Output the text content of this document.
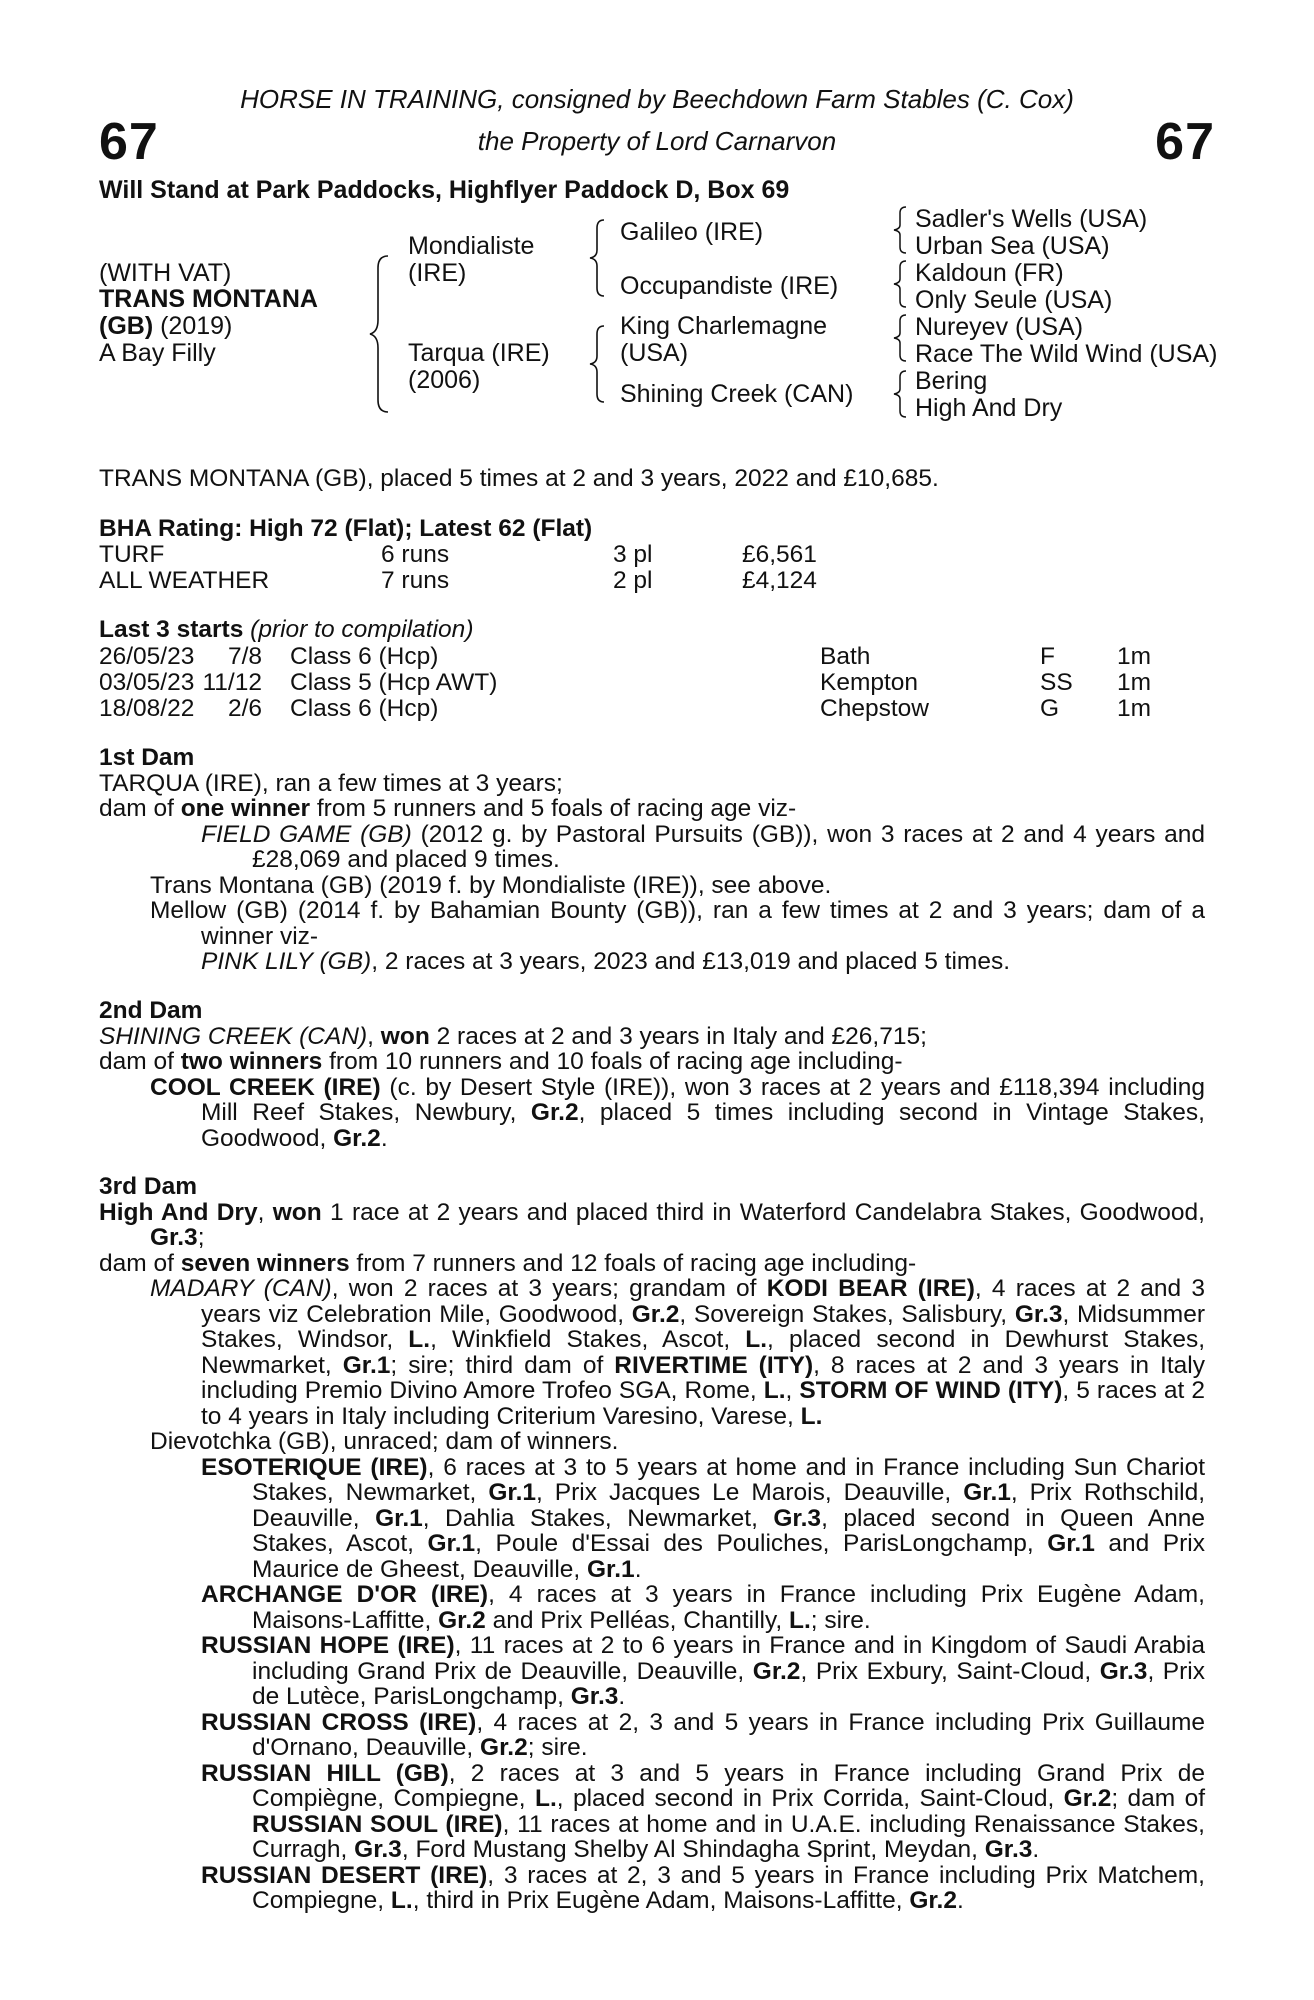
67	67
HORSE IN TRAINING, consigned by Beechdown Farm Stables (C. Cox)
the Property of Lord Carnarvon
Will Stand at Park Paddocks, Highflyer Paddock D, Box 69
(WITH VAT)
TRANS MONTANA
(GB) (2019)
A Bay Filly
Mondialiste
(IRE)
Tarqua (IRE)
(2006)
Galileo (IRE)
Occupandiste (IRE)
King Charlemagne
(USA)
Shining Creek (CAN)
Sadler's Wells (USA)
Urban Sea (USA)
Kaldoun (FR)
Only Seule (USA)
Nureyev (USA)
Race The Wild Wind (USA)
Bering
High And Dry
TRANS MONTANA (GB), placed 5 times at 2 and 3 years, 2022 and £10,685.
BHA Rating: High 72 (Flat); Latest 62 (Flat)
TURF	6 runs	3 pl	£6,561
ALL WEATHER	7 runs	2 pl	£4,124
Last 3 starts (prior to compilation)
26/05/23	7/8 Class 6 (Hcp)	Bath	F	1m
03/05/23 11/12 Class 5 (Hcp AWT)	Kempton	SS 1m
18/08/22	2/6 Class 6 (Hcp)	Chepstow	G 1m
1st Dam
TARQUA (IRE), ran a few times at 3 years;
dam of one winner from 5 runners and 5 foals of racing age viz-
FIELD GAME (GB) (2012 g. by Pastoral Pursuits (GB)), won 3 races at 2 and 4 years and £28,069 and placed 9 times.
Trans Montana (GB) (2019 f. by Mondialiste (IRE)), see above.
Mellow (GB) (2014 f. by Bahamian Bounty (GB)), ran a few times at 2 and 3 years; dam of a winner viz-
PINK LILY (GB), 2 races at 3 years, 2023 and £13,019 and placed 5 times.
2nd Dam
SHINING CREEK (CAN), won 2 races at 2 and 3 years in Italy and £26,715;
dam of two winners from 10 runners and 10 foals of racing age including-
COOL CREEK (IRE) (c. by Desert Style (IRE)), won 3 races at 2 years and £118,394 including Mill Reef Stakes, Newbury, Gr.2, placed 5 times including second in Vintage Stakes, Goodwood, Gr.2.
3rd Dam
High And Dry, won 1 race at 2 years and placed third in Waterford Candelabra Stakes, Goodwood, Gr.3;
dam of seven winners from 7 runners and 12 foals of racing age including-
MADARY (CAN), won 2 races at 3 years; grandam of KODI BEAR (IRE), 4 races at 2 and 3 years viz Celebration Mile, Goodwood, Gr.2, Sovereign Stakes, Salisbury, Gr.3, Midsummer Stakes, Windsor, L., Winkfield Stakes, Ascot, L., placed second in Dewhurst Stakes, Newmarket, Gr.1; sire; third dam of RIVERTIME (ITY), 8 races at 2 and 3 years in Italy including Premio Divino Amore Trofeo SGA, Rome, L., STORM OF WIND (ITY), 5 races at 2 to 4 years in Italy including Criterium Varesino, Varese, L.
Dievotchka (GB), unraced; dam of winners.
ESOTERIQUE (IRE), 6 races at 3 to 5 years at home and in France including Sun Chariot Stakes, Newmarket, Gr.1, Prix Jacques Le Marois, Deauville, Gr.1, Prix Rothschild, Deauville, Gr.1, Dahlia Stakes, Newmarket, Gr.3, placed second in Queen Anne Stakes, Ascot, Gr.1, Poule d'Essai des Pouliches, ParisLongchamp, Gr.1 and Prix Maurice de Gheest, Deauville, Gr.1.
ARCHANGE D'OR (IRE), 4 races at 3 years in France including Prix Eugène Adam, Maisons-Laffitte, Gr.2 and Prix Pelléas, Chantilly, L.; sire.
RUSSIAN HOPE (IRE), 11 races at 2 to 6 years in France and in Kingdom of Saudi Arabia including Grand Prix de Deauville, Deauville, Gr.2, Prix Exbury, Saint-Cloud, Gr.3, Prix de Lutèce, ParisLongchamp, Gr.3.
RUSSIAN CROSS (IRE), 4 races at 2, 3 and 5 years in France including Prix Guillaume d'Ornano, Deauville, Gr.2; sire.
RUSSIAN HILL (GB), 2 races at 3 and 5 years in France including Grand Prix de Compiègne, Compiegne, L., placed second in Prix Corrida, Saint-Cloud, Gr.2; dam of RUSSIAN SOUL (IRE), 11 races at home and in U.A.E. including Renaissance Stakes, Curragh, Gr.3, Ford Mustang Shelby Al Shindagha Sprint, Meydan, Gr.3.
RUSSIAN DESERT (IRE), 3 races at 2, 3 and 5 years in France including Prix Matchem, Compiegne, L., third in Prix Eugène Adam, Maisons-Laffitte, Gr.2.
